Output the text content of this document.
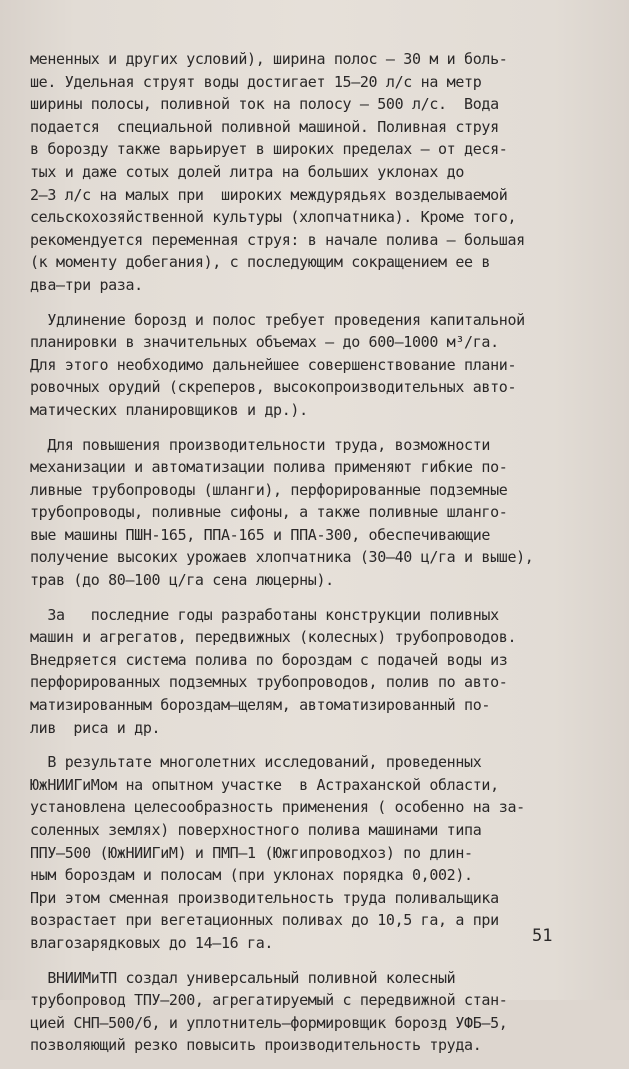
мененных и других условий), ширина полос – 30 м и боль-
ше. Удельная струят воды достигает 15–20 л/с на метр
ширины полосы, поливной ток на полосу – 500 л/с.  Вода
подается  специальной поливной машиной. Поливная струя
в борозду также варьирует в широких пределах – от деся-
тых и даже сотых долей литра на больших уклонах до
2–3 л/с на малых при  широких междурядьях возделываемой
сельскохозяйственной культуры (хлопчатника). Кроме того,
рекомендуется переменная струя: в начале полива – большая
(к моменту добегания), с последующим сокращением ее в
два–три раза.

Удлинение борозд и полос требует проведения капитальной
планировки в значительных объемах – до 600–1000 м³/га.
Для этого необходимо дальнейшее совершенствование плани-
ровочных орудий (скреперов, высокопроизводительных авто-
матических планировщиков и др.).

Для повышения производительности труда, возможности
механизации и автоматизации полива применяют гибкие по-
ливные трубопроводы (шланги), перфорированные подземные
трубопроводы, поливные сифоны, а также поливные шланго-
вые машины ПШН-165, ППА-165 и ППА-300, обеспечивающие
получение высоких урожаев хлопчатника (30–40 ц/га и выше),
трав (до 80–100 ц/га сена люцерны).

За   последние годы разработаны конструкции поливных
машин и агрегатов, передвижных (колесных) трубопроводов.
Внедряется система полива по бороздам с подачей воды из
перфорированных подземных трубопроводов, полив по авто-
матизированным бороздам–щелям, автоматизированный по-
лив  риса и др.

В результате многолетних исследований, проведенных
ЮжНИИГиМом на опытном участке  в Астраханской области,
установлена целесообразность применения ( особенно на за-
соленных землях) поверхностного полива машинами типа
ППУ–500 (ЮжНИИГиМ) и ПМП–1 (Южгипроводхоз) по длин-
ным бороздам и полосам (при уклонах порядка 0,002).
При этом сменная производительность труда поливальщика
возрастает при вегетационных поливах до 10,5 га, а при
влагозарядковых до 14–16 га.

ВНИИМиТП создал универсальный поливной колесный
трубопровод ТПУ–200, агрегатируемый с передвижной стан-
цией СНП–500/б, и уплотнитель–формировщик борозд УФБ–5,
позволяющий резко повысить производительность труда.

51
